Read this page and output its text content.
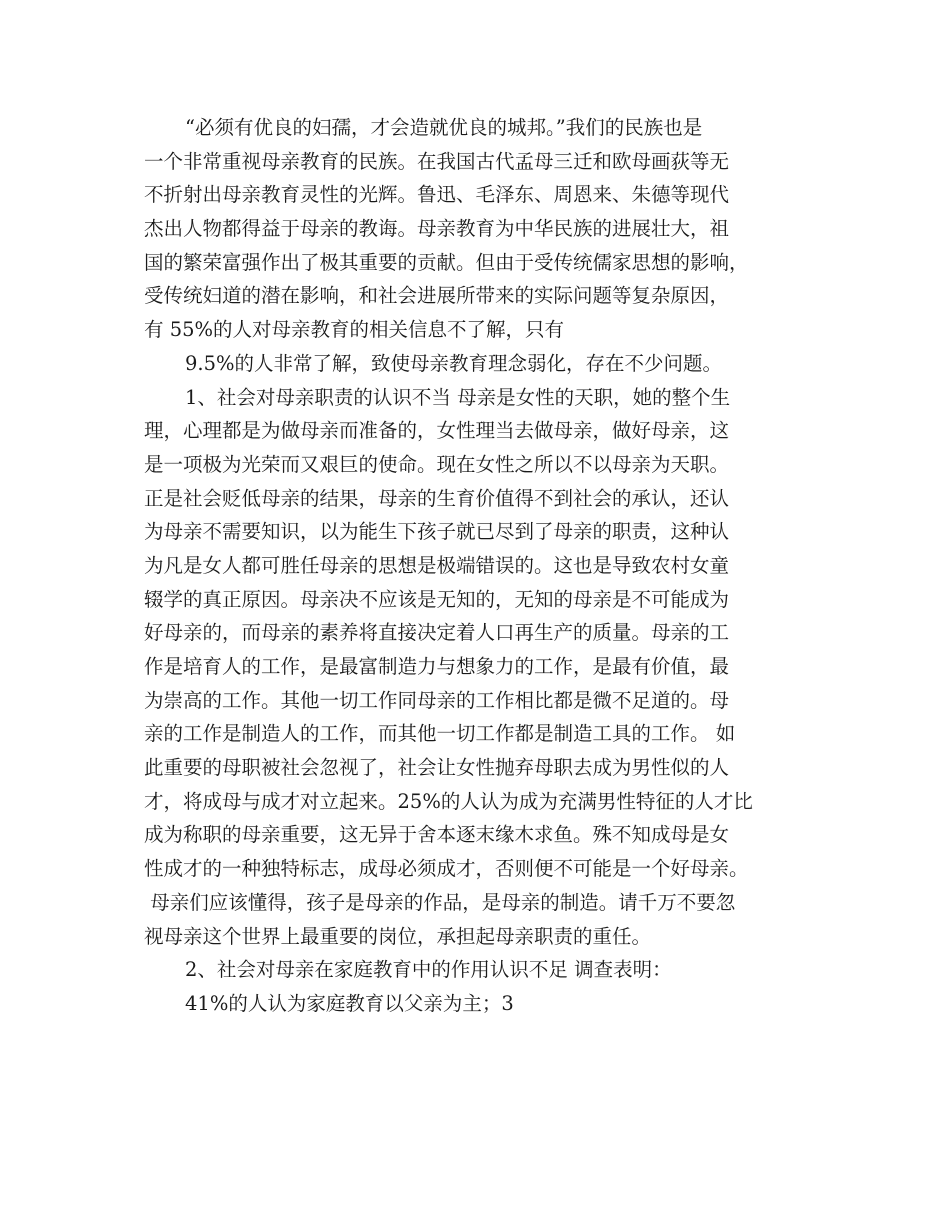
“必须有优良的妇孺，才会造就优良的城邦。”我们的民族也是
一个非常重视母亲教育的民族。在我国古代孟母三迁和欧母画荻等无
不折射出母亲教育灵性的光辉。鲁迅、毛泽东、周恩来、朱德等现代
杰出人物都得益于母亲的教诲。母亲教育为中华民族的进展壮大，祖
国的繁荣富强作出了极其重要的贡献。但由于受传统儒家思想的影响，
受传统妇道的潜在影响，和社会进展所带来的实际问题等复杂原因，
有 55%的人对母亲教育的相关信息不了解，只有
9.5%的人非常了解，致使母亲教育理念弱化，存在不少问题。
1、社会对母亲职责的认识不当 母亲是女性的天职，她的整个生
理，心理都是为做母亲而准备的，女性理当去做母亲，做好母亲，这
是一项极为光荣而又艰巨的使命。现在女性之所以不以母亲为天职。
正是社会贬低母亲的结果，母亲的生育价值得不到社会的承认，还认
为母亲不需要知识，以为能生下孩子就已尽到了母亲的职责，这种认
为凡是女人都可胜任母亲的思想是极端错误的。这也是导致农村女童
辍学的真正原因。母亲决不应该是无知的，无知的母亲是不可能成为
好母亲的，而母亲的素养将直接决定着人口再生产的质量。母亲的工
作是培育人的工作，是最富制造力与想象力的工作，是最有价值，最
为崇高的工作。其他一切工作同母亲的工作相比都是微不足道的。母
亲的工作是制造人的工作，而其他一切工作都是制造工具的工作。 如
此重要的母职被社会忽视了，社会让女性抛弃母职去成为男性似的人
才，将成母与成才对立起来。25%的人认为成为充满男性特征的人才比
成为称职的母亲重要，这无异于舍本逐末缘木求鱼。殊不知成母是女
性成才的一种独特标志，成母必须成才，否则便不可能是一个好母亲。
母亲们应该懂得，孩子是母亲的作品，是母亲的制造。请千万不要忽
视母亲这个世界上最重要的岗位，承担起母亲职责的重任。
2、社会对母亲在家庭教育中的作用认识不足 调查表明：
41%的人认为家庭教育以父亲为主；3
